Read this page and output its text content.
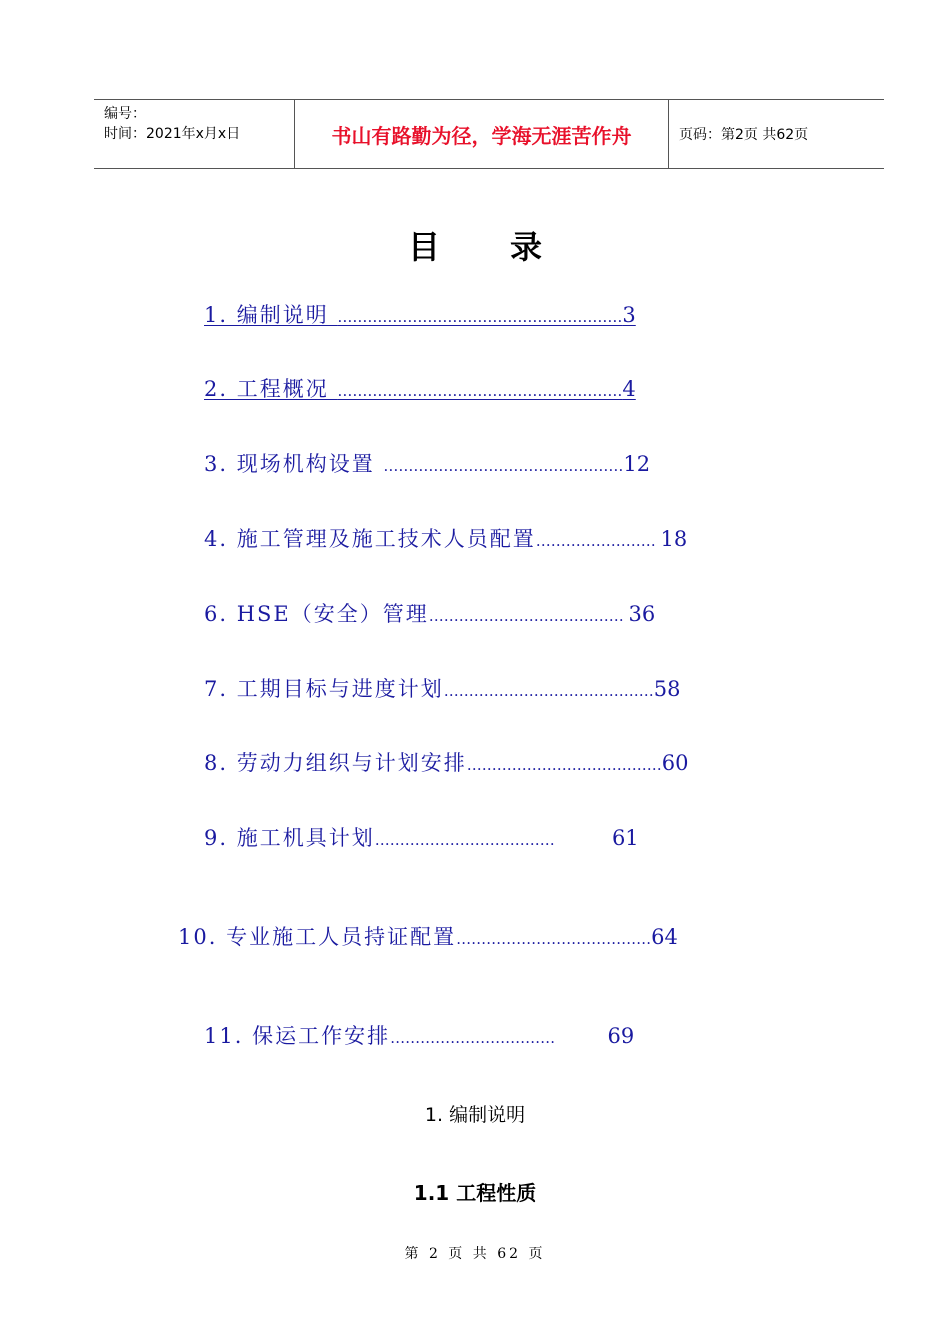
编号：
时间：2021年x月x日	书山有路勤为径，学海无涯苦作舟	页码：第2页 共62页
目录
1. 编制说明 …………………………………………………3
2. 工程概况 …………………………………………………4
3. 现场机构设置 …………………………………………12
4. 施工管理及施工技术人员配置…………………… 18
6. HSE（安全）管理………………………………… 36
7. 工期目标与进度计划……………………………………58
8. 劳动力组织与计划安排…………………………………60
9. 施工机具计划………………………………            61
10. 专业施工人员持证配置…………………………………64
11. 保运工作安排……………………………           69
1. 编制说明
1.1 工程性质
第 2 页 共 62 页
